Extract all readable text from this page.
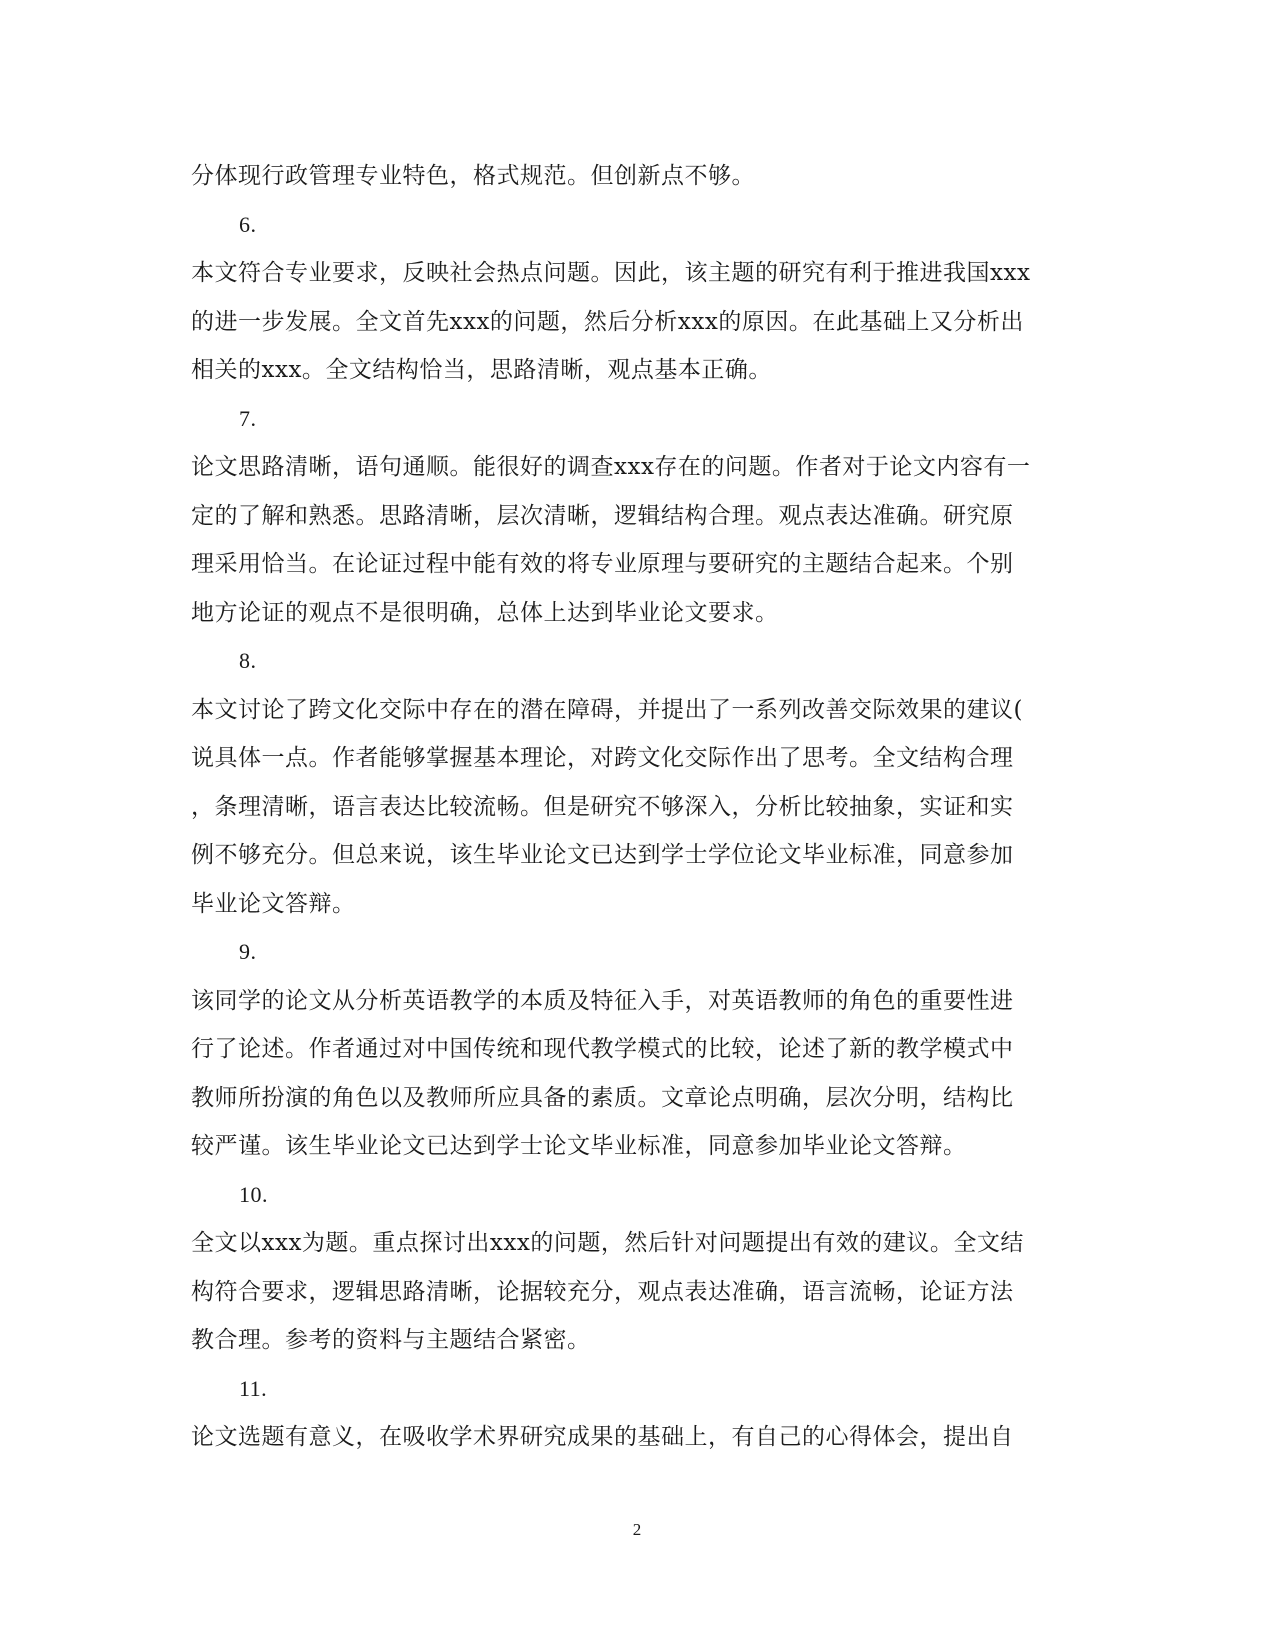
分体现行政管理专业特色，格式规范。但创新点不够。
6.
本文符合专业要求，反映社会热点问题。因此，该主题的研究有利于推进我国xxx
的进一步发展。全文首先xxx的问题，然后分析xxx的原因。在此基础上又分析出
相关的xxx。全文结构恰当，思路清晰，观点基本正确。
7.
论文思路清晰，语句通顺。能很好的调查xxx存在的问题。作者对于论文内容有一
定的了解和熟悉。思路清晰，层次清晰，逻辑结构合理。观点表达准确。研究原
理采用恰当。在论证过程中能有效的将专业原理与要研究的主题结合起来。个别
地方论证的观点不是很明确，总体上达到毕业论文要求。
8.
本文讨论了跨文化交际中存在的潜在障碍，并提出了一系列改善交际效果的建议(
说具体一点。作者能够掌握基本理论，对跨文化交际作出了思考。全文结构合理
，条理清晰，语言表达比较流畅。但是研究不够深入，分析比较抽象，实证和实
例不够充分。但总来说，该生毕业论文已达到学士学位论文毕业标准，同意参加
毕业论文答辩。
9.
该同学的论文从分析英语教学的本质及特征入手，对英语教师的角色的重要性进
行了论述。作者通过对中国传统和现代教学模式的比较，论述了新的教学模式中
教师所扮演的角色以及教师所应具备的素质。文章论点明确，层次分明，结构比
较严谨。该生毕业论文已达到学士论文毕业标准，同意参加毕业论文答辩。
10.
全文以xxx为题。重点探讨出xxx的问题，然后针对问题提出有效的建议。全文结
构符合要求，逻辑思路清晰，论据较充分，观点表达准确，语言流畅，论证方法
教合理。参考的资料与主题结合紧密。
11.
论文选题有意义，在吸收学术界研究成果的基础上，有自己的心得体会，提出自
2
